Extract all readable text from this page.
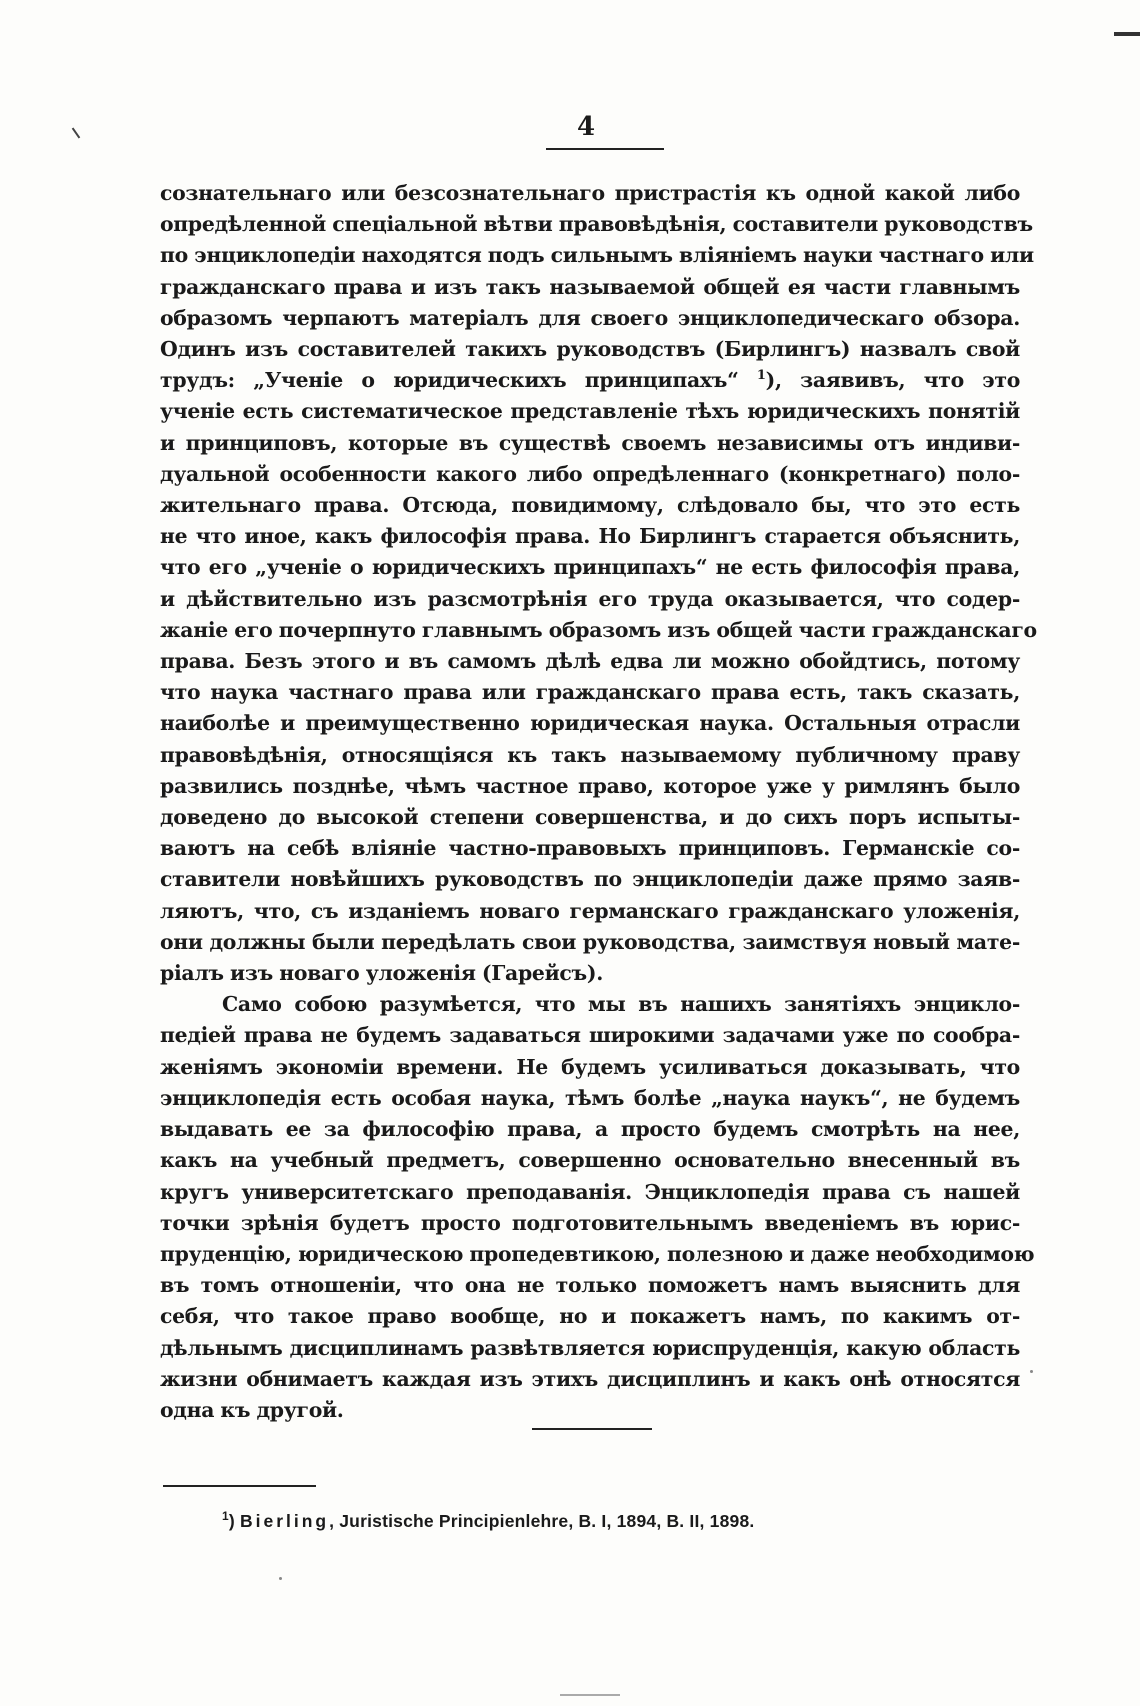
4

сознательнаго или безсознательнаго пристрастія къ одной какой либо
опредѣленной спеціальной вѣтви правовѣдѣнія, составители руководствъ
по энциклопедіи находятся подъ сильнымъ вліяніемъ науки частнаго или
гражданскаго права и изъ такъ называемой общей ея части главнымъ
образомъ черпаютъ матеріалъ для своего энциклопедическаго обзора.
Одинъ изъ составителей такихъ руководствъ (Бирлингъ) назвалъ свой
трудъ: „Ученіе о юридическихъ принципахъ“ $^1$), заявивъ, что это
ученіе есть систематическое представленіе тѣхъ юридическихъ понятій
и принциповъ, которые въ существѣ своемъ независимы отъ индиви-
дуальной особенности какого либо опредѣленнаго (конкретнаго) поло-
жительнаго права. Отсюда, повидимому, слѣдовало бы, что это есть
не что иное, какъ философія права. Но Бирлингъ старается объяснить,
что его „ученіе о юридическихъ принципахъ“ не есть философія права,
и дѣйствительно изъ разсмотрѣнія его труда оказывается, что содер-
жаніе его почерпнуто главнымъ образомъ изъ общей части гражданскаго
права. Безъ этого и въ самомъ дѣлѣ едва ли можно обойдтись, потому
что наука частнаго права или гражданскаго права есть, такъ сказать,
наиболѣе и преимущественно юридическая наука. Остальныя отрасли
правовѣдѣнія, относящіяся къ такъ называемому публичному праву
развились позднѣе, чѣмъ частное право, которое уже у римлянъ было
доведено до высокой степени совершенства, и до сихъ поръ испыты-
ваютъ на себѣ вліяніе частно-правовыхъ принциповъ. Германскіе со-
ставители новѣйшихъ руководствъ по энциклопедіи даже прямо заяв-
ляютъ, что, съ изданіемъ новаго германскаго гражданскаго уложенія,
они должны были передѣлать свои руководства, заимствуя новый мате-
ріалъ изъ новаго уложенія (Гарейсъ).
Само собою разумѣется, что мы въ нашихъ занятіяхъ энцикло-
педіей права не будемъ задаваться широкими задачами уже по сообра-
женіямъ экономіи времени. Не будемъ усиливаться доказывать, что
энциклопедія есть особая наука, тѣмъ болѣе „наука наукъ“, не будемъ
выдавать ее за философію права, а просто будемъ смотрѣть на нее,
какъ на учебный предметъ, совершенно основательно внесенный въ
кругъ университетскаго преподаванія. Энциклопедія права съ нашей
точки зрѣнія будетъ просто подготовительнымъ введеніемъ въ юрис-
пруденцію, юридическою пропедевтикою, полезною и даже необходимою
въ томъ отношеніи, что она не только поможетъ намъ выяснить для
себя, что такое право вообще, но и покажетъ намъ, по какимъ от-
дѣльнымъ дисциплинамъ развѣтвляется юриспруденція, какую область
жизни обнимаетъ каждая изъ этихъ дисциплинъ и какъ онѣ относятся
одна къ другой.
$^1$) Bierling, Juristische Principienlehre, B. I, 1894, B. II, 1898.
